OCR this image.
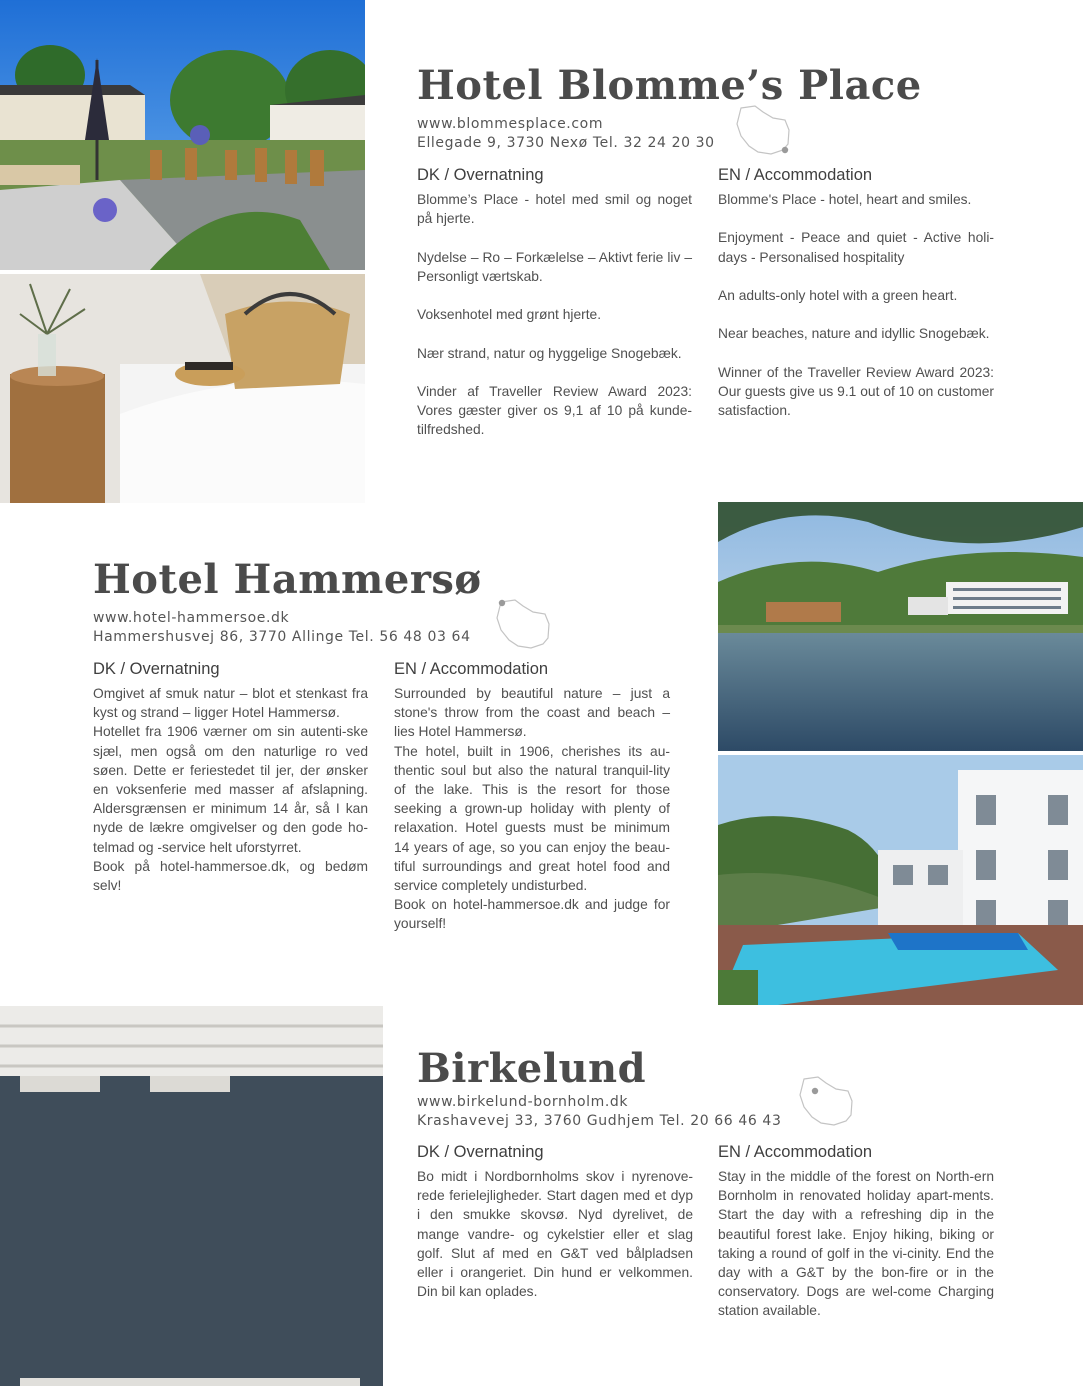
Hotel Blomme’s Place
www.blommesplace.com
Ellegade 9, 3730 Nexø Tel. 32 24 20 30
DK / Overnatning	EN / Accommodation

Blomme’s Place - hotel med smil og noget på hjerte.

Nydelse – Ro – Forkælelse – Aktivt ferie liv – Personligt værtskab.

Voksenhotel med grønt hjerte.

Nær strand, natur og hyggelige Snogebæk.

Vinder af Traveller Review Award 2023: Vores gæster giver os 9,1 af 10 på kunde-tilfredshed.

Blomme's Place - hotel, heart and smiles.

Enjoyment - Peace and quiet - Active holi-days - Personalised hospitality

An adults-only hotel with a green heart.

Near beaches, nature and idyllic Snogebæk.

Winner of the Traveller Review Award 2023: Our guests give us 9.1 out of 10 on customer satisfaction.

Hotel Hammersø
www.hotel-hammersoe.dk
Hammershusvej 86, 3770 Allinge Tel. 56 48 03 64
DK / Overnatning	EN / Accommodation

Omgivet af smuk natur – blot et stenkast fra kyst og strand – ligger Hotel Hammersø.

Hotellet fra 1906 værner om sin autenti-ske sjæl, men også om den naturlige ro ved søen. Dette er feriestedet til jer, der ønsker en voksenferie med masser af afslapning. Aldersgrænsen er minimum 14 år, så I kan nyde de lækre omgivelser og den gode ho-telmad og -service helt uforstyrret.

Book på hotel-hammersoe.dk, og bedøm selv!

Surrounded by beautiful nature – just a stone's throw from the coast and beach – lies Hotel Hammersø.

The hotel, built in 1906, cherishes its au-thentic soul but also the natural tranquil-lity of the lake. This is the resort for those seeking a grown-up holiday with plenty of relaxation. Hotel guests must be minimum 14 years of age, so you can enjoy the beau-tiful surroundings and great hotel food and service completely undisturbed.

Book on hotel-hammersoe.dk and judge for yourself!

Birkelund
www.birkelund-bornholm.dk
Krashavevej 33, 3760 Gudhjem Tel. 20 66 46 43
DK / Overnatning	EN / Accommodation

Bo midt i Nordbornholms skov i nyrenove-rede ferielejligheder. Start dagen med et dyp i den smukke skovsø. Nyd dyrelivet, de mange vandre- og cykelstier eller et slag golf. Slut af med en G&T ved bålpladsen eller i orangeriet. Din hund er velkommen. Din bil kan oplades.

Stay in the middle of the forest on North-ern Bornholm in renovated holiday apart-ments. Start the day with a refreshing dip in the beautiful forest lake. Enjoy hiking, biking or taking a round of golf in the vi-cinity. End the day with a G&T by the bon-fire or in the conservatory. Dogs are wel-come Charging station available.
